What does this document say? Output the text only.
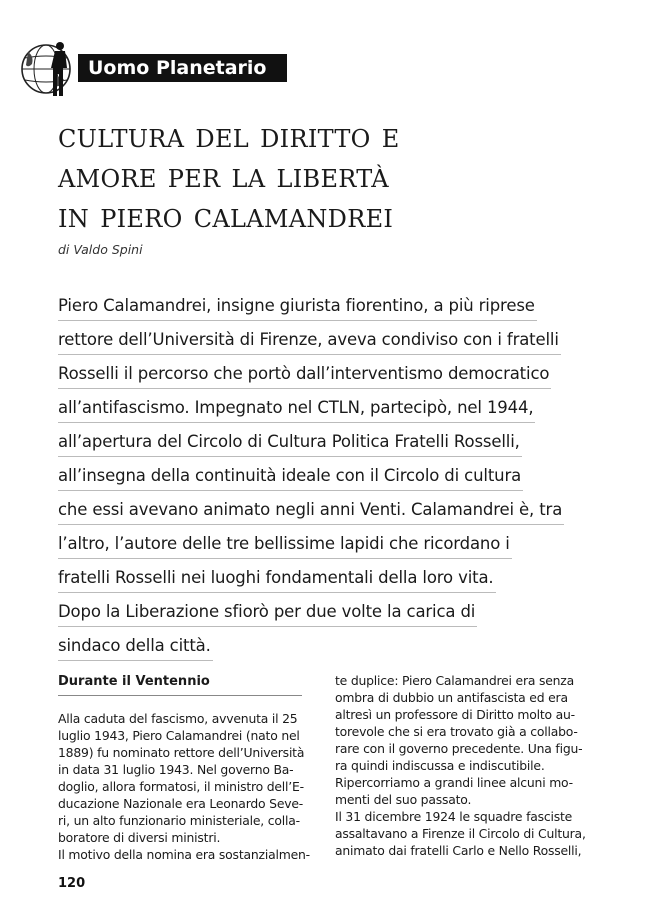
Uomo Planetario
cultura del diritto e
amore per la libertà
in piero calamandrei
di Valdo Spini
Piero Calamandrei, insigne giurista fiorentino, a più riprese
rettore dell’Università di Firenze, aveva condiviso con i fratelli
Rosselli il percorso che portò dall’interventismo democratico
all’antifascismo. Impegnato nel CTLN, partecipò, nel 1944,
all’apertura del Circolo di Cultura Politica Fratelli Rosselli,
all’insegna della continuità ideale con il Circolo di cultura
che essi avevano animato negli anni Venti. Calamandrei è, tra
l’altro, l’autore delle tre bellissime lapidi che ricordano i
fratelli Rosselli nei luoghi fondamentali della loro vita.
Dopo la Liberazione sfiorò per due volte la carica di
sindaco della città.
Durante il Ventennio
Alla caduta del fascismo, avvenuta il 25
luglio 1943, Piero Calamandrei (nato nel
1889) fu nominato rettore dell’Università
in data 31 luglio 1943. Nel governo Ba-
doglio, allora formatosi, il ministro dell’E-
ducazione Nazionale era Leonardo Seve-
ri, un alto funzionario ministeriale, colla-
boratore di diversi ministri.
Il motivo della nomina era sostanzialmen-
te duplice: Piero Calamandrei era senza
ombra di dubbio un antifascista ed era
altresì un professore di Diritto molto au-
torevole che si era trovato già a collabo-
rare con il governo precedente. Una figu-
ra quindi indiscussa e indiscutibile.
Ripercorriamo a grandi linee alcuni mo-
menti del suo passato.
Il 31 dicembre 1924 le squadre fasciste
assaltavano a Firenze il Circolo di Cultura,
animato dai fratelli Carlo e Nello Rosselli,
120
